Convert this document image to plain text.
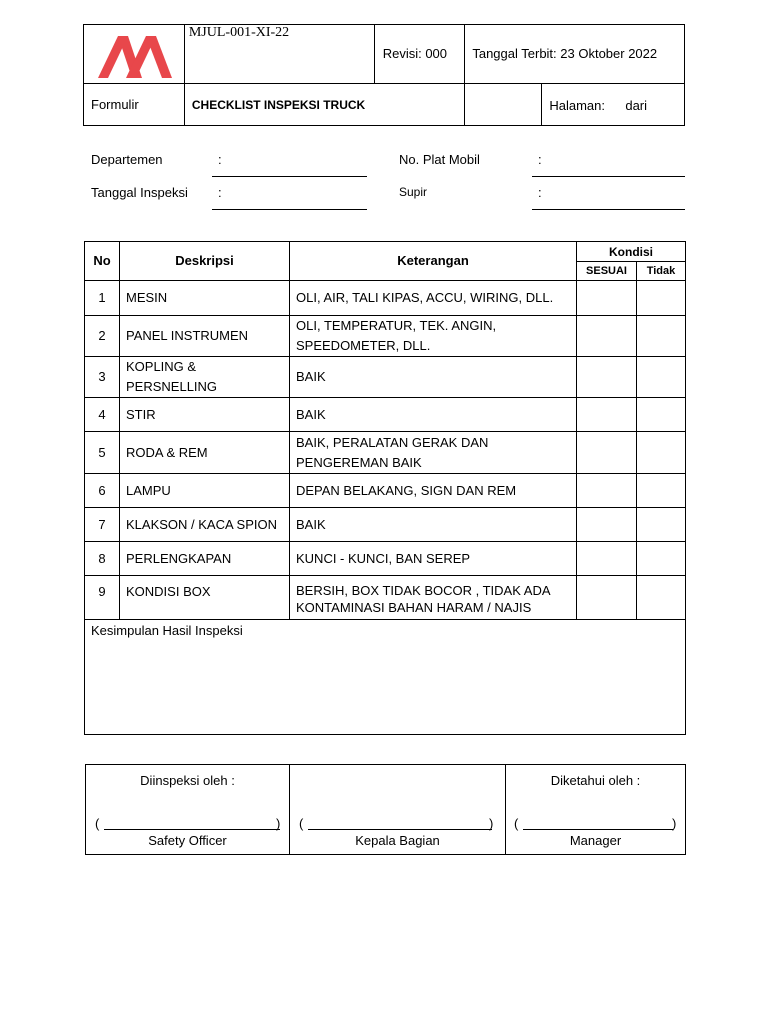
MJUL-001-XI-22	Revisi: 000	Tanggal Terbit: 23 Oktober 2022
Formulir	CHECKLIST INSPEKSI TRUCK		Halaman: dari
Departemen	:	No. Plat Mobil	:
Tanggal Inspeksi :	Supir	:
No	Deskripsi	Keterangan	Kondisi	
			SESUAI	Tidak
1	MESIN	OLI, AIR, TALI KIPAS, ACCU, WIRING, DLL.		
2	PANEL INSTRUMEN	OLI, TEMPERATUR, TEK. ANGIN, SPEEDOMETER, DLL.		
3	KOPLING & PERSNELLING	BAIK		
4	STIR	BAIK		
5	RODA & REM	BAIK, PERALATAN GERAK DAN PENGEREMAN BAIK		
6	LAMPU	DEPAN BELAKANG, SIGN DAN REM		
7	KLAKSON / KACA SPION	BAIK		
8	PERLENGKAPAN	KUNCI - KUNCI, BAN SEREP		
9	KONDISI BOX	BERSIH, BOX TIDAK BOCOR , TIDAK ADA KONTAMINASI BAHAN HARAM / NAJIS		
Kesimpulan Hasil Inspeksi				
Diinspeksi oleh :
(	)
Safety Officer

(	)
Kepala Bagian

Diketahui oleh :
(	)
Manager
